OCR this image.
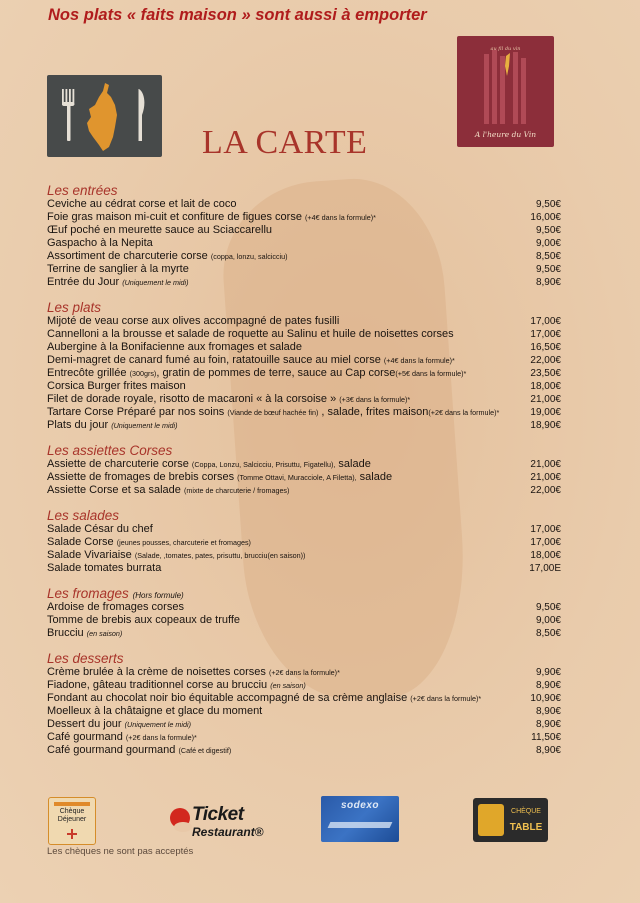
Nos plats « faits maison » sont aussi à emporter
au fil du vin
A l'heure du Vin
LA CARTE
Les entrées
Ceviche au cédrat corse et lait de coco	9,50€
Foie gras maison mi-cuit et confiture de figues corse (+4€ dans la formule)*	16,00€
Œuf poché en meurette sauce au Sciaccarellu	9,50€
Gaspacho à la Nepita	9,00€
Assortiment de charcuterie corse (coppa, lonzu, salcicciu)	8,50€
Terrine de sanglier à la myrte	9,50€
Entrée du Jour (Uniquement le midi)	8,90€
Les plats
Mijoté de veau corse aux olives accompagné de pates fusilli	17,00€
Cannelloni a la brousse et salade de roquette au Salinu et huile de noisettes corses	17,00€
Aubergine à la Bonifacienne aux fromages et salade	16,50€
Demi-magret de canard fumé au foin, ratatouille sauce au miel corse (+4€ dans la formule)*	22,00€
Entrecôte grillée (300grs), gratin de pommes de terre, sauce au Cap corse(+5€ dans la formule)*	23,50€
Corsica Burger frites maison	18,00€
Filet de dorade royale, risotto de macaroni « à la corsoise » (+3€ dans la formule)*	21,00€
Tartare Corse Préparé par nos soins (Viande de bœuf hachée fin) , salade, frites maison(+2€ dans la formule)*	19,00€
Plats du jour (Uniquement le midi)	18,90€
Les assiettes Corses
Assiette de charcuterie corse (Coppa, Lonzu, Salcicciu, Prisuttu, Figatellu), salade	21,00€
Assiette de fromages de brebis corses (Tomme Ottavi, Muracciole, A Filetta), salade	21,00€
Assiette Corse et sa salade (mixte de charcuterie / fromages)	22,00€
Les salades
Salade César du chef	17,00€
Salade Corse (jeunes pousses, charcuterie et fromages)	17,00€
Salade Vivariaise (Salade, ,tomates, pates, prisuttu, brucciu(en saison))	18,00€
Salade tomates burrata	17,00E
Les fromages (Hors formule)
Ardoise de fromages corses	9,50€
Tomme de brebis aux copeaux de truffe	9,00€
Brucciu (en saison)	8,50€
Les desserts
Crème brulée à la crème de noisettes corses (+2€ dans la formule)*	9,90€
Fiadone, gâteau traditionnel corse au brucciu (en saison)	8,90€
Fondant au chocolat noir bio équitable accompagné de sa crème anglaise (+2€ dans la formule)*	10,90€
Moelleux à la châtaigne et glace du moment	8,90€
Dessert du jour (Uniquement le midi)	8,90€
Café gourmand (+2€ dans la formule)*	11,50€
Café gourmand gourmand (Café et digestif)	8,90€
Chèque Déjeuner	Ticket
Restaurant®
sodexo
CHÈQUE
TABLE
Les chèques ne sont pas acceptés
